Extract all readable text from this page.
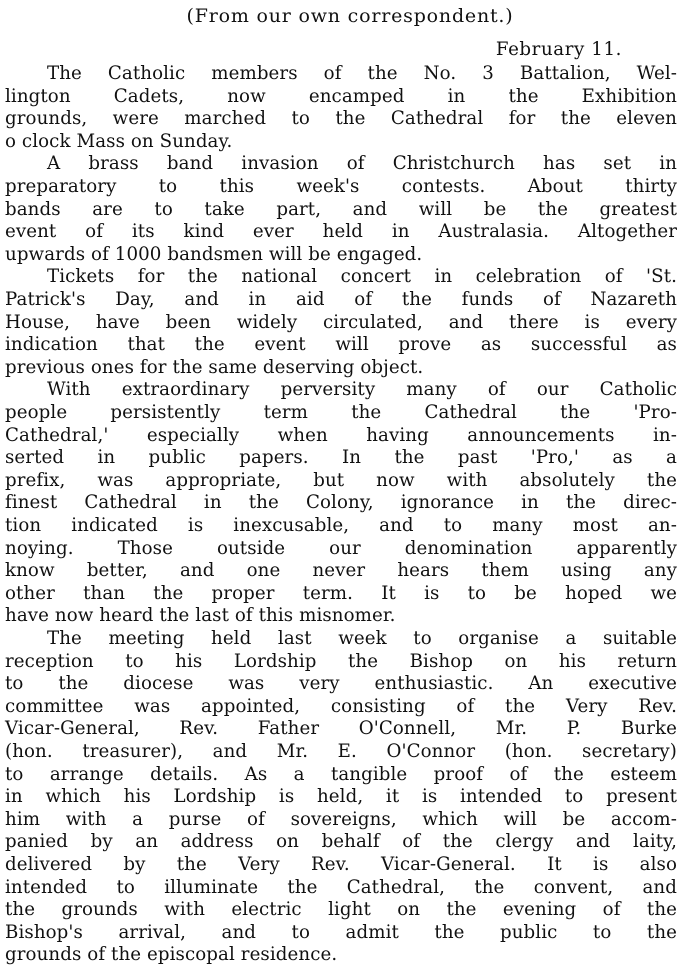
(From our own correspondent.)
February 11.
The Catholic members of the No. 3 Battalion, Wel-
lington Cadets, now encamped in the Exhibition
grounds, were marched to the Cathedral for the eleven
o clock Mass on Sunday.
A brass band invasion of Christchurch has set in
preparatory to this week's contests. About thirty
bands are to take part, and will be the greatest
event of its kind ever held in Australasia. Altogether
upwards of 1000 bandsmen will be engaged.
Tickets for the national concert in celebration of 'St.
Patrick's Day, and in aid of the funds of Nazareth
House, have been widely circulated, and there is every
indication that the event will prove as successful as
previous ones for the same deserving object.
With extraordinary perversity many of our Catholic
people persistently term the Cathedral the 'Pro-
Cathedral,' especially when having announcements in-
serted in public papers. In the past 'Pro,' as a
prefix, was appropriate, but now with absolutely the
finest Cathedral in the Colony, ignorance in the direc-
tion indicated is inexcusable, and to many most an-
noying. Those outside our denomination apparently
know better, and one never hears them using any
other than the proper term. It is to be hoped we
have now heard the last of this misnomer.
The meeting held last week to organise a suitable
reception to his Lordship the Bishop on his return
to the diocese was very enthusiastic. An executive
committee was appointed, consisting of the Very Rev.
Vicar-General, Rev. Father O'Connell, Mr. P. Burke
(hon. treasurer), and Mr. E. O'Connor (hon. secretary)
to arrange details. As a tangible proof of the esteem
in which his Lordship is held, it is intended to present
him with a purse of sovereigns, which will be accom-
panied by an address on behalf of the clergy and laity,
delivered by the Very Rev. Vicar-General. It is also
intended to illuminate the Cathedral, the convent, and
the grounds with electric light on the evening of the
Bishop's arrival, and to admit the public to the
grounds of the episcopal residence.
